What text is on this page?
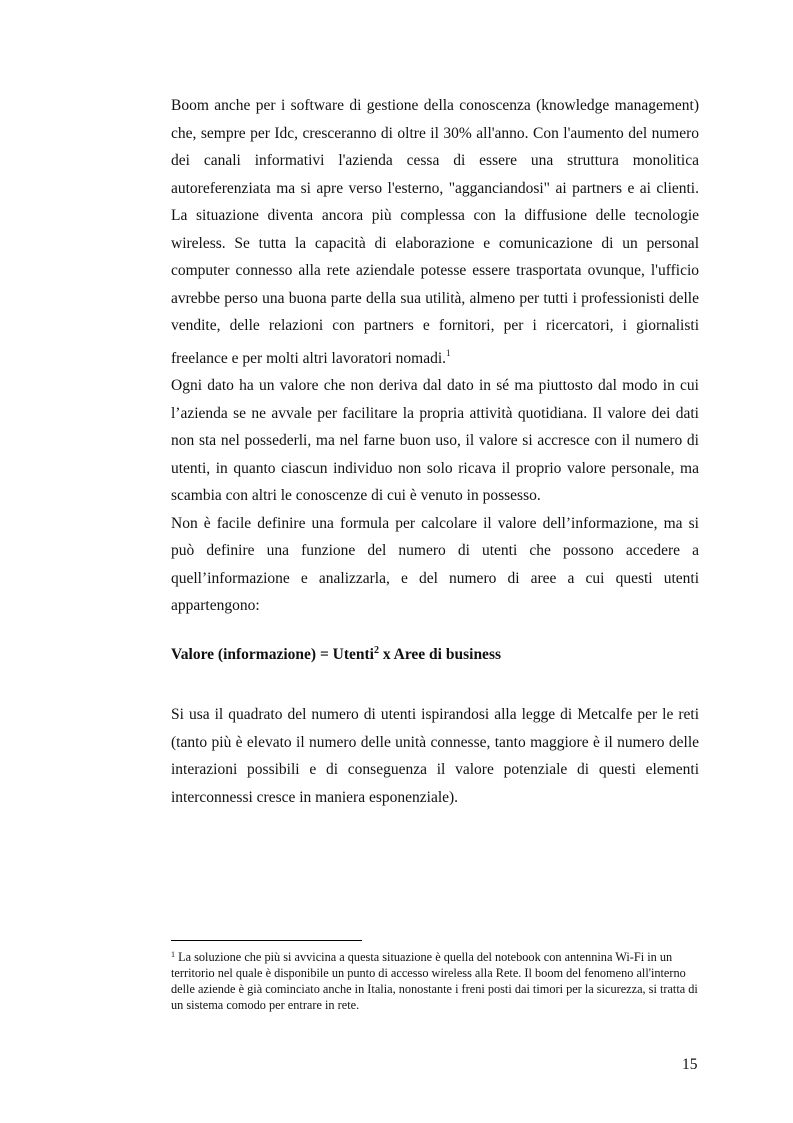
Boom anche per i software di gestione della conoscenza (knowledge management) che, sempre per Idc, cresceranno di oltre il 30% all'anno. Con l'aumento del numero dei canali informativi l'azienda cessa di essere una struttura monolitica autoreferenziata ma si apre verso l'esterno, "agganciandosi" ai partners e ai clienti. La situazione diventa ancora più complessa con la diffusione delle tecnologie wireless. Se tutta la capacità di elaborazione e comunicazione di un personal computer connesso alla rete aziendale potesse essere trasportata ovunque, l'ufficio avrebbe perso una buona parte della sua utilità, almeno per tutti i professionisti delle vendite, delle relazioni con partners e fornitori, per i ricercatori, i giornalisti freelance e per molti altri lavoratori nomadi.$^1$

Ogni dato ha un valore che non deriva dal dato in sé ma piuttosto dal modo in cui l’azienda se ne avvale per facilitare la propria attività quotidiana. Il valore dei dati non sta nel possederli, ma nel farne buon uso, il valore si accresce con il numero di utenti, in quanto ciascun individuo non solo ricava il proprio valore personale, ma scambia con altri le conoscenze di cui è venuto in possesso.

Non è facile definire una formula per calcolare il valore dell’informazione, ma si può definire una funzione del numero di utenti che possono accedere a quell’informazione e analizzarla, e del numero di aree a cui questi utenti appartengono:

Valore (informazione) = Utenti$^2$ x Aree di business

Si usa il quadrato del numero di utenti ispirandosi alla legge di Metcalfe per le reti (tanto più è elevato il numero delle unità connesse, tanto maggiore è il numero delle interazioni possibili e di conseguenza il valore potenziale di questi elementi interconnessi cresce in maniera esponenziale).

$^1$ La soluzione che più si avvicina a questa situazione è quella del notebook con antennina Wi-Fi in un territorio nel quale è disponibile un punto di accesso wireless alla Rete. Il boom del fenomeno all'interno delle aziende è già cominciato anche in Italia, nonostante i freni posti dai timori per la sicurezza, si tratta di un sistema comodo per entrare in rete.

15
